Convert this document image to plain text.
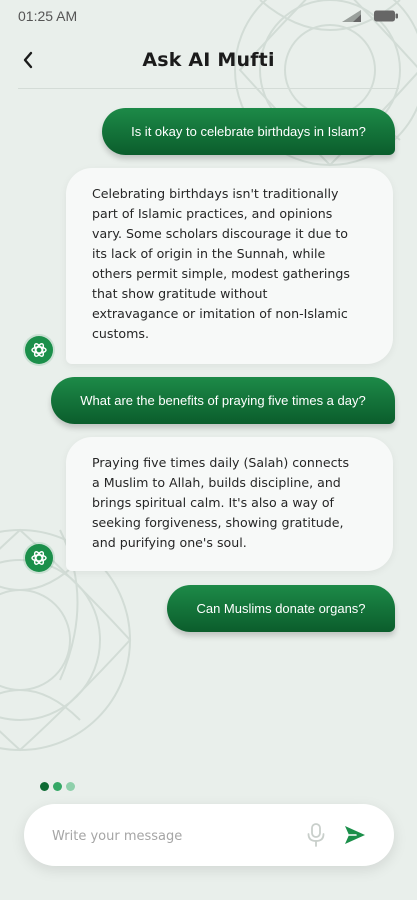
01:25 AM
Ask AI Mufti
Is it okay to celebrate birthdays in Islam?
Celebrating birthdays isn't traditionally
part of Islamic practices, and opinions
vary. Some scholars discourage it due to
its lack of origin in the Sunnah, while
others permit simple, modest gatherings
that show gratitude without
extravagance or imitation of non-Islamic
customs.
What are the benefits of praying five times a day?
Praying five times daily (Salah) connects
a Muslim to Allah, builds discipline, and
brings spiritual calm. It's also a way of
seeking forgiveness, showing gratitude,
and purifying one's soul.
Can Muslims donate organs?
Write your message
